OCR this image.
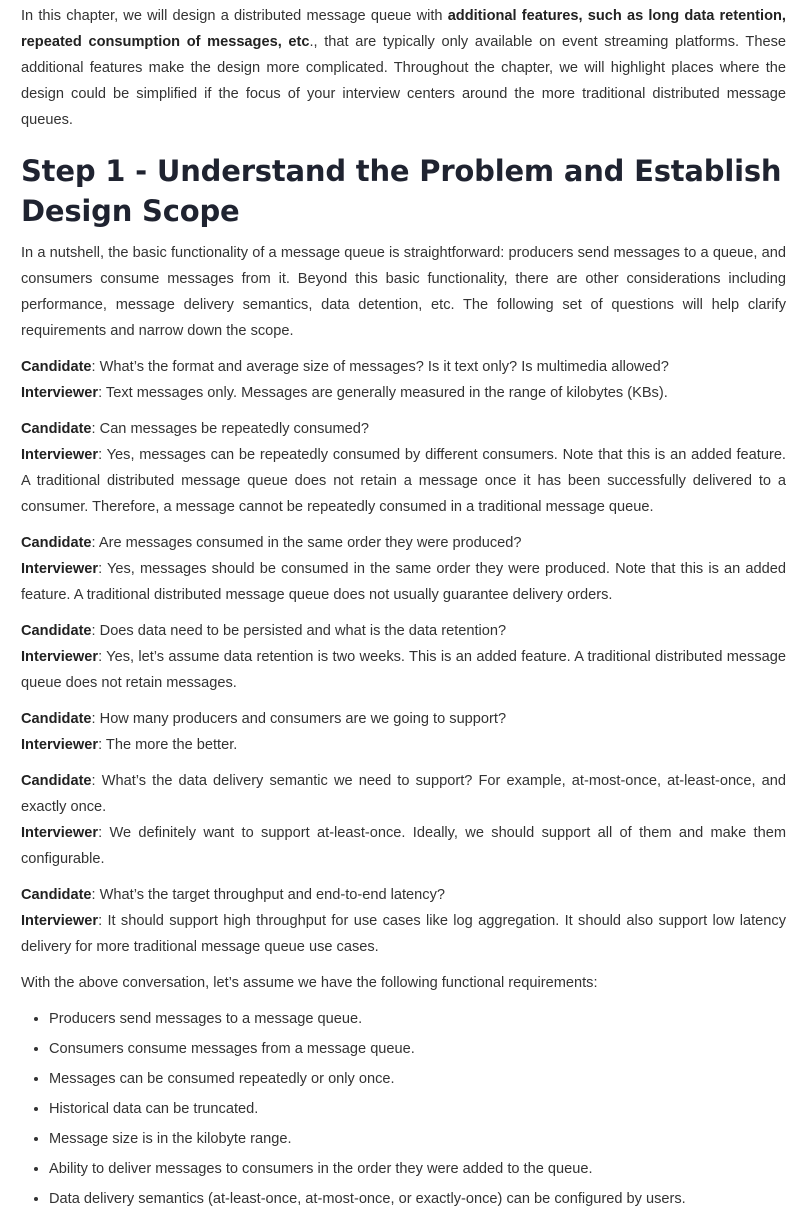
In this chapter, we will design a distributed message queue with additional features, such as long data retention, repeated consumption of messages, etc., that are typically only available on event streaming platforms. These additional features make the design more complicated. Throughout the chapter, we will highlight places where the design could be simplified if the focus of your interview centers around the more traditional distributed message queues.

Step 1 - Understand the Problem and Establish Design Scope

In a nutshell, the basic functionality of a message queue is straightforward: producers send messages to a queue, and consumers consume messages from it. Beyond this basic functionality, there are other considerations including performance, message delivery semantics, data detention, etc. The following set of questions will help clarify requirements and narrow down the scope.

Candidate: What’s the format and average size of messages? Is it text only? Is multimedia allowed?
Interviewer: Text messages only. Messages are generally measured in the range of kilobytes (KBs).

Candidate: Can messages be repeatedly consumed?
Interviewer: Yes, messages can be repeatedly consumed by different consumers. Note that this is an added feature. A traditional distributed message queue does not retain a message once it has been successfully delivered to a consumer. Therefore, a message cannot be repeatedly consumed in a traditional message queue.

Candidate: Are messages consumed in the same order they were produced?
Interviewer: Yes, messages should be consumed in the same order they were produced. Note that this is an added feature. A traditional distributed message queue does not usually guarantee delivery orders.

Candidate: Does data need to be persisted and what is the data retention?
Interviewer: Yes, let’s assume data retention is two weeks. This is an added feature. A traditional distributed message queue does not retain messages.

Candidate: How many producers and consumers are we going to support?
Interviewer: The more the better.

Candidate: What’s the data delivery semantic we need to support? For example, at-most-once, at-least-once, and exactly once.
Interviewer: We definitely want to support at-least-once. Ideally, we should support all of them and make them configurable.

Candidate: What’s the target throughput and end-to-end latency?
Interviewer: It should support high throughput for use cases like log aggregation. It should also support low latency delivery for more traditional message queue use cases.

With the above conversation, let’s assume we have the following functional requirements:

• Producers send messages to a message queue.
• Consumers consume messages from a message queue.
• Messages can be consumed repeatedly or only once.
• Historical data can be truncated.
• Message size is in the kilobyte range.
• Ability to deliver messages to consumers in the order they were added to the queue.
• Data delivery semantics (at-least-once, at-most-once, or exactly-once) can be configured by users.
